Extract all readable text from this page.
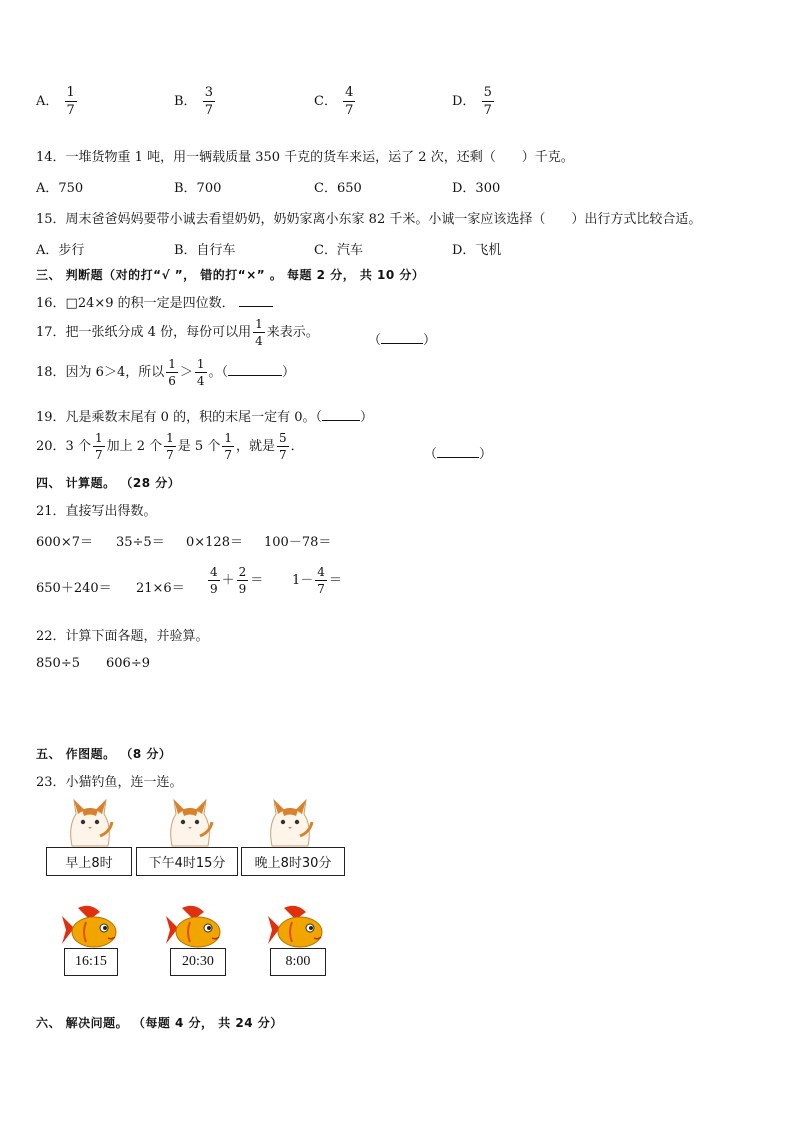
A． $\frac{1}{7}$	B． $\frac{3}{7}$	C． $\frac{4}{7}$	D． $\frac{5}{7}$
14．一堆货物重 1 吨，用一辆载质量 350 千克的货车来运，运了 2 次，还剩（　　）千克。
A．750	B．700	C．650	D．300
15．周末爸爸妈妈要带小诚去看望奶奶，奶奶家离小东家 82 千米。小诚一家应该选择（　　）出行方式比较合适。
A．步行	B．自行车	C．汽车	D．飞机
三、 判断题（对的打“√ ”， 错的打“×” 。 每题 2 分， 共 10 分）
16．□24×9 的积一定是四位数．
17．把一张纸分成 4 份，每份可以用 $\frac{1}{4}$ 来表示。
（	）
18．因为 6＞4，所以 $\frac{1}{6} > \frac{1}{4}$ 。（	）
19．凡是乘数末尾有 0 的，积的末尾一定有 0。（	）
20．3 个 $\frac{1}{7}$ 加上 2 个 $\frac{1}{7}$ 是 5 个 $\frac{1}{7}$ ，就是 $\frac{5}{7}$ ．
（	）
四、 计算题。 （28 分）
21．直接写出得数。
600×7＝ 35÷5＝ 0×128＝ 100－78＝
$650+240= 21\times 6= \frac{4}{9} + \frac{2}{9} = 1- \frac{4}{7}$ ＝
22．计算下面各题，并验算。
850÷5 606÷9
五、 作图题。 （8 分）
23．小猫钓鱼，连一连。
早上8时	下午4时15分	晚上8时30分
16:15	20:30	8:00
六、 解决问题。 （每题 4 分， 共 24 分）
